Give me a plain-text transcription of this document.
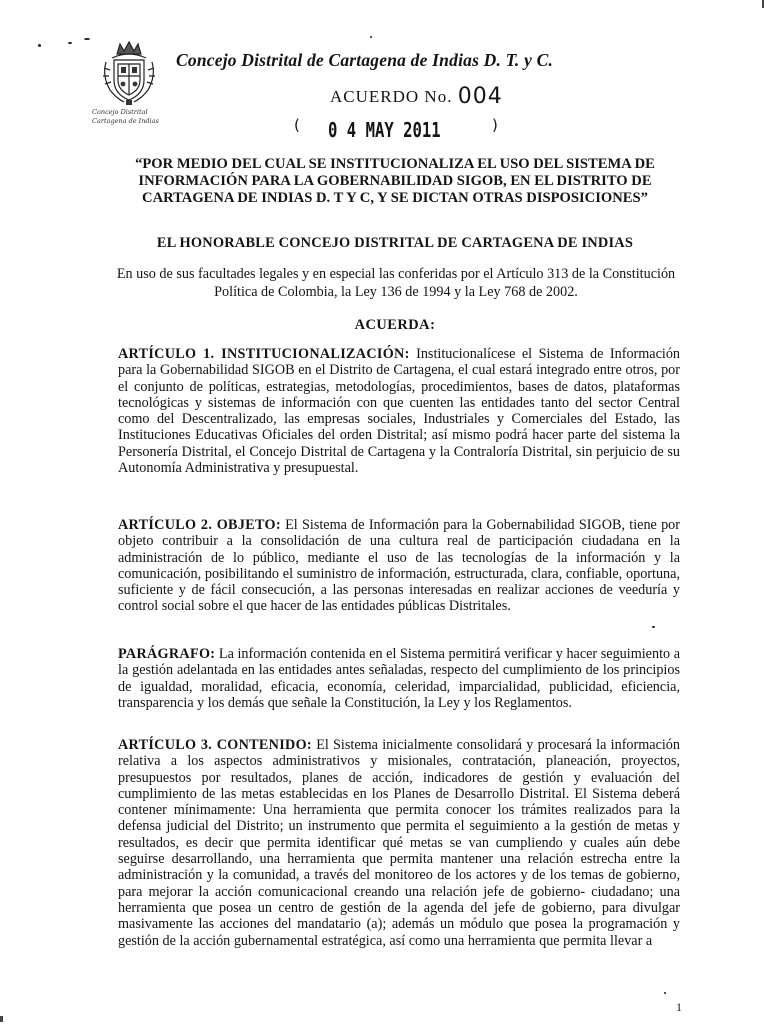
Concejo Distrital Cartagena de Indias
Concejo Distrital de Cartagena de Indias D. T. y C.
ACUERDO No. 004
( 0 4 MAY 2011	)
“POR MEDIO DEL CUAL SE INSTITUCIONALIZA EL USO DEL SISTEMA DE INFORMACIÓN PARA LA GOBERNABILIDAD SIGOB, EN EL DISTRITO DE CARTAGENA DE INDIAS D. T Y C, Y SE DICTAN OTRAS DISPOSICIONES”
EL HONORABLE CONCEJO DISTRITAL DE CARTAGENA DE INDIAS
En uso de sus facultades legales y en especial las conferidas por el Artículo 313 de la Constitución Política de Colombia, la Ley 136 de 1994 y la Ley 768 de 2002.
ACUERDA:
ARTÍCULO 1. INSTITUCIONALIZACIÓN: Institucionalícese el Sistema de Información para la Gobernabilidad SIGOB en el Distrito de Cartagena, el cual estará integrado entre otros, por el conjunto de políticas, estrategias, metodologías, procedimientos, bases de datos, plataformas tecnológicas y sistemas de información con que cuenten las entidades tanto del sector Central como del Descentralizado, las empresas sociales, Industriales y Comerciales del Estado, las Instituciones Educativas Oficiales del orden Distrital; así mismo podrá hacer parte del sistema la Personería Distrital, el Concejo Distrital de Cartagena y la Contraloría Distrital, sin perjuicio de su Autonomía Administrativa y presupuestal.
ARTÍCULO 2. OBJETO: El Sistema de Información para la Gobernabilidad SIGOB, tiene por objeto contribuir a la consolidación de una cultura real de participación ciudadana en la administración de lo público, mediante el uso de las tecnologías de la información y la comunicación, posibilitando el suministro de información, estructurada, clara, confiable, oportuna, suficiente y de fácil consecución, a las personas interesadas en realizar acciones de veeduría y control social sobre el que hacer de las entidades públicas Distritales.
PARÁGRAFO: La información contenida en el Sistema permitirá verificar y hacer seguimiento a la gestión adelantada en las entidades antes señaladas, respecto del cumplimiento de los principios de igualdad, moralidad, eficacia, economía, celeridad, imparcialidad, publicidad, eficiencia, transparencia y los demás que señale la Constitución, la Ley y los Reglamentos.
ARTÍCULO 3. CONTENIDO: El Sistema inicialmente consolidará y procesará la información relativa a los aspectos administrativos y misionales, contratación, planeación, proyectos, presupuestos por resultados, planes de acción, indicadores de gestión y evaluación del cumplimiento de las metas establecidas en los Planes de Desarrollo Distrital. El Sistema deberá contener mínimamente: Una herramienta que permita conocer los trámites realizados para la defensa judicial del Distrito; un instrumento que permita el seguimiento a la gestión de metas y resultados, es decir que permita identificar qué metas se van cumpliendo y cuales aún debe seguirse desarrollando, una herramienta que permita mantener una relación estrecha entre la administración y la comunidad, a través del monitoreo de los actores y de los temas de gobierno, para mejorar la acción comunicacional creando una relación jefe de gobierno- ciudadano; una herramienta que posea un centro de gestión de la agenda del jefe de gobierno, para divulgar masivamente las acciones del mandatario (a); además un módulo que posea la programación y gestión de la acción gubernamental estratégica, así como una herramienta que permita llevar a
1
